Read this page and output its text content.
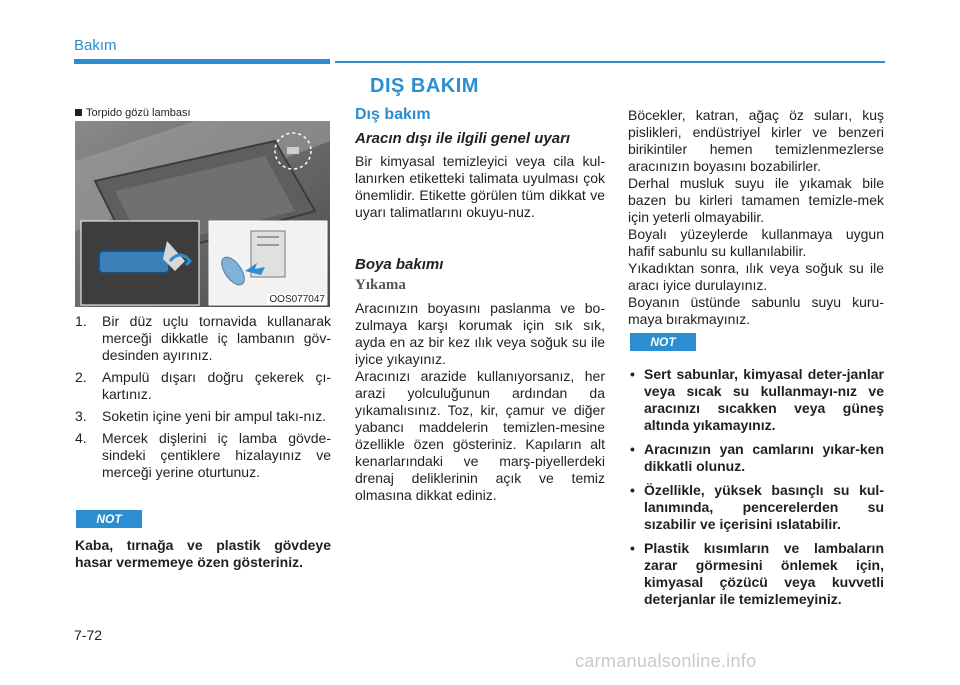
Bakım
DIŞ BAKIM
Torpido gözü lambası
OOS077047
1. Bir düz uçlu tornavida kullanarak merceği dikkatle iç lambanın göv-desinden ayırınız.
2. Ampulü dışarı doğru çekerek çı-kartınız.
3. Soketin içine yeni bir ampul takı-nız.
4. Mercek dişlerini iç lamba gövde-sindeki çentiklere hizalayınız ve merceği yerine oturtunuz.
NOT
Kaba, tırnağa ve plastik gövdeye hasar vermemeye özen gösteriniz.
Dış bakım
Aracın dışı ile ilgili genel uyarı
Bir kimyasal temizleyici veya cila kul-lanırken etiketteki talimata uyulması çok önemlidir. Etikette görülen tüm dikkat ve uyarı talimatlarını okuyu-nuz.
Boya bakımı
Yıkama
Aracınızın boyasını paslanma ve bo-zulmaya karşı korumak için sık sık, ayda en az bir kez ılık veya soğuk su ile iyice yıkayınız.
Aracınızı arazide kullanıyorsanız, her arazi yolculuğunun ardından da yıkamalısınız. Toz, kir, çamur ve diğer yabancı maddelerin temizlen-mesine özellikle özen gösteriniz. Kapıların alt kenarlarındaki ve marş-piyellerdeki drenaj deliklerinin açık ve temiz olmasına dikkat ediniz.
Böcekler, katran, ağaç öz suları, kuş pislikleri, endüstriyel kirler ve benzeri birikintiler hemen temizlenmezlerse aracınızın boyasını bozabilirler.
Derhal musluk suyu ile yıkamak bile bazen bu kirleri tamamen temizle-mek için yeterli olmayabilir.
Boyalı yüzeylerde kullanmaya uygun hafif sabunlu su kullanılabilir.
Yıkadıktan sonra, ılık veya soğuk su ile aracı iyice durulayınız.
Boyanın üstünde sabunlu suyu kuru-maya bırakmayınız.
NOT
• Sert sabunlar, kimyasal deter-janlar veya sıcak su kullanmayı-nız ve aracınızı sıcakken veya güneş altında yıkamayınız.
• Aracınızın yan camlarını yıkar-ken dikkatli olunuz.
• Özellikle, yüksek basınçlı su kul-lanımında, pencerelerden su sızabilir ve içerisini ıslatabilir.
• Plastik kısımların ve lambaların zarar görmesini önlemek için, kimyasal çözücü veya kuvvetli deterjanlar ile temizlemeyiniz.
7-72
carmanualsonline.info
